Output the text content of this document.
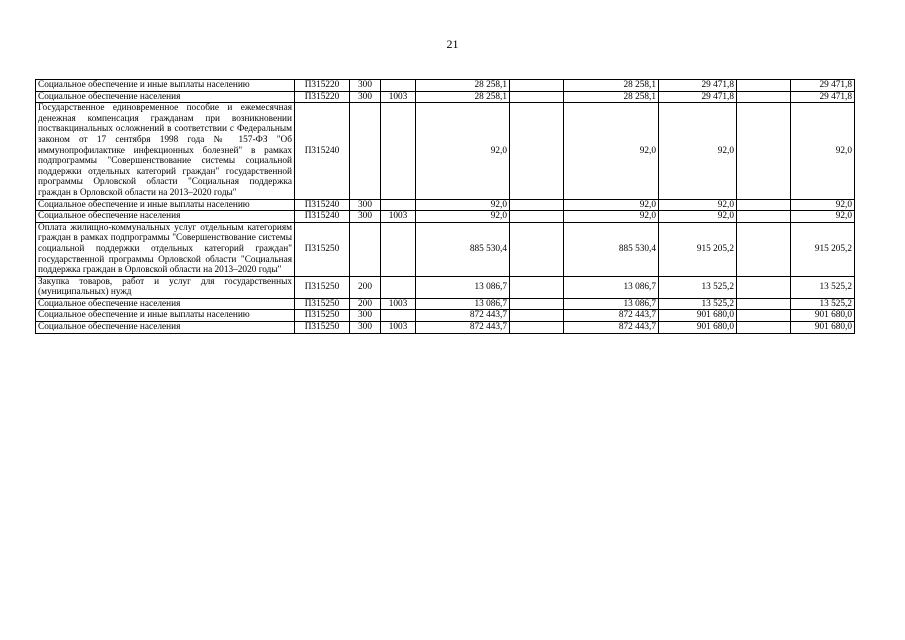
21
Социальное обеспечение и иные выплаты населению	П315220	300		28 258,1		28 258,1	29 471,8		29 471,8
Социальное обеспечение населения	П315220	300	1003	28 258,1		28 258,1	29 471,8		29 471,8
Государственное единовременное пособие и ежемесячная денежная компенсация гражданам при возникновении поствакцинальных осложнений в соответствии с Федеральным законом от 17 сентября 1998 года № 157-ФЗ "Об иммунопрофилактике инфекционных болезней" в рамках подпрограммы "Совершенствование системы социальной поддержки отдельных категорий граждан" государственной программы Орловской области "Социальная поддержка граждан в Орловской области на 2013–2020 годы"	П315240			92,0		92,0	92,0		92,0
Социальное обеспечение и иные выплаты населению	П315240	300		92,0		92,0	92,0		92,0
Социальное обеспечение населения	П315240	300	1003	92,0		92,0	92,0		92,0
Оплата жилищно-коммунальных услуг отдельным категориям граждан в рамках подпрограммы "Совершенствование системы социальной поддержки отдельных категорий граждан" государственной программы Орловской области "Социальная поддержка граждан в Орловской области на 2013–2020 годы"	П315250			885 530,4		885 530,4	915 205,2		915 205,2
Закупка товаров, работ и услуг для государственных (муниципальных) нужд	П315250	200		13 086,7		13 086,7	13 525,2		13 525,2
Социальное обеспечение населения	П315250	200	1003	13 086,7		13 086,7	13 525,2		13 525,2
Социальное обеспечение и иные выплаты населению	П315250	300		872 443,7		872 443,7	901 680,0		901 680,0
Социальное обеспечение населения	П315250	300	1003	872 443,7		872 443,7	901 680,0		901 680,0
